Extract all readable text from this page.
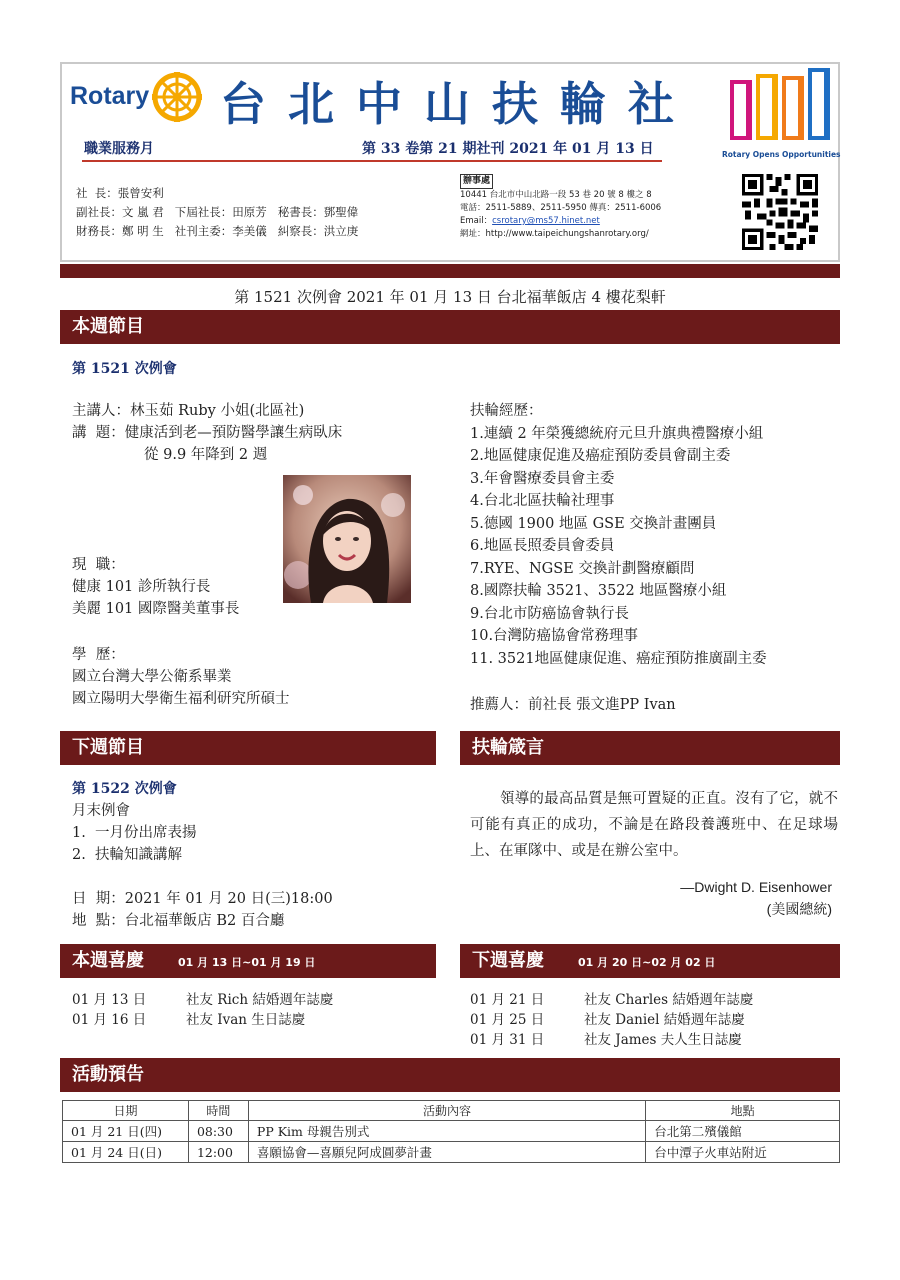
Rotary 台北中山扶輪社
Rotary Opens Opportunities
職業服務月	第 33 卷第 21 期社刊 2021 年 01 月 13 日
社  長：張曾安利
副社長：文 嵐 君   下屆社長：田原芳   秘書長：鄧聖偉
財務長：鄭 明 生   社刊主委：李美儀   糾察長：洪立庚
辦事處
10441 台北市中山北路一段 53 巷 20 號 8 樓之 8
電話：2511-5889、2511-5950 傳真：2511-6006
Email：csrotary@ms57.hinet.net
網址：http://www.taipeichungshanrotary.org/
第 1521 次例會 2021 年 01 月 13 日 台北福華飯店 4 樓花梨軒
本週節目
第 1521 次例會
主講人：林玉茹 Ruby 小姐(北區社)
講  題：健康活到老—預防醫學讓生病臥床
從 9.9 年降到 2 週
現  職：
健康 101 診所執行長
美麗 101 國際醫美董事長
學  歷：
國立台灣大學公衛系畢業
國立陽明大學衛生福利研究所碩士
扶輪經歷：
1.連續 2 年榮獲總統府元旦升旗典禮醫療小組
2.地區健康促進及癌症預防委員會副主委
3.年會醫療委員會主委
4.台北北區扶輪社理事
5.德國 1900 地區 GSE 交換計畫團員
6.地區長照委員會委員
7.RYE、NGSE 交換計劃醫療顧問
8.國際扶輪 3521、3522 地區醫療小組
9.台北市防癌協會執行長
10.台灣防癌協會常務理事
11. 3521地區健康促進、癌症預防推廣副主委
推薦人：前社長 張文進PP Ivan
下週節目
第 1522 次例會
月末例會
1.  一月份出席表揚
2.  扶輪知識講解
日  期：2021 年 01 月 20 日(三)18:00
地  點：台北福華飯店 B2 百合廳
扶輪箴言
領導的最高品質是無可置疑的正直。沒有了它，就不可能有真正的成功，不論是在路段養護班中、在足球場上、在軍隊中、或是在辦公室中。
—Dwight D. Eisenhower
(美國總統)
本週喜慶	01 月 13 日~01 月 19 日
01 月 13 日	社友 Rich 結婚週年誌慶
01 月 16 日	社友 Ivan 生日誌慶
下週喜慶	01 月 20 日~02 月 02 日
01 月 21 日	社友 Charles 結婚週年誌慶
01 月 25 日	社友 Daniel 結婚週年誌慶
01 月 31 日	社友 James 夫人生日誌慶
活動預告
日期	時間	活動內容	地點
01 月 21 日(四)	08:30	PP Kim 母親告別式	台北第二殯儀館
01 月 24 日(日)	12:00	喜願協會—喜願兒阿成圓夢計畫	台中潭子火車站附近
